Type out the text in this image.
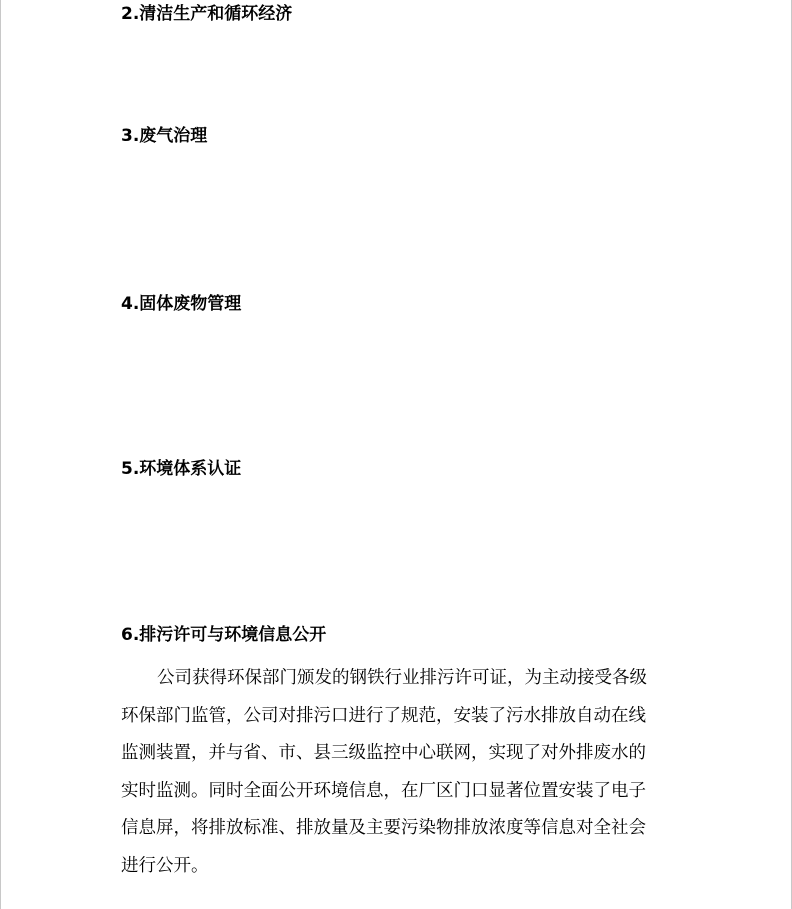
2.清洁生产和循环经济
3.废气治理
4.固体废物管理
5.环境体系认证
6.排污许可与环境信息公开

公司获得环保部门颁发的钢铁行业排污许可证，为主动接受各级
环保部门监管，公司对排污口进行了规范，安装了污水排放自动在线
监测装置，并与省、市、县三级监控中心联网，实现了对外排废水的
实时监测。同时全面公开环境信息，在厂区门口显著位置安装了电子
信息屏，将排放标准、排放量及主要污染物排放浓度等信息对全社会
进行公开。
